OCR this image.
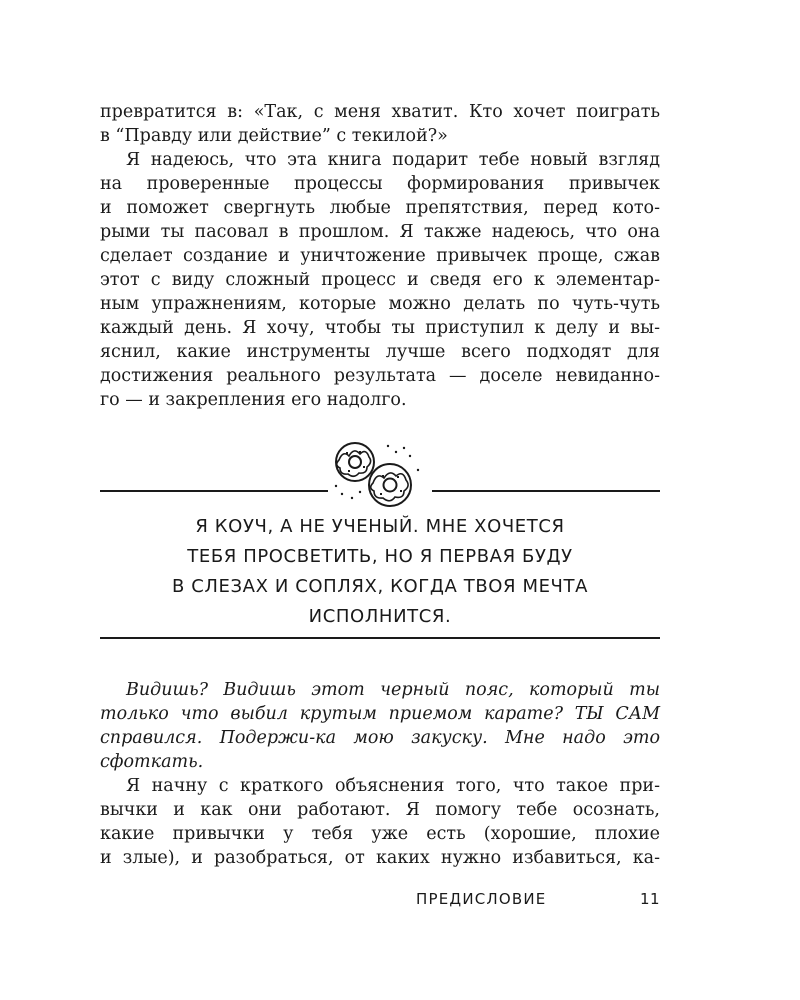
превратится в: «Так, с меня хватит. Кто хочет поиграть
в “Правду или действие” с текилой?»
Я надеюсь, что эта книга подарит тебе новый взгляд
на проверенные процессы формирования привычек
и поможет свергнуть любые препятствия, перед кото-
рыми ты пасовал в прошлом. Я также надеюсь, что она
сделает создание и уничтожение привычек проще, сжав
этот с виду сложный процесс и сведя его к элементар-
ным упражнениям, которые можно делать по чуть-чуть
каждый день. Я хочу, чтобы ты приступил к делу и вы-
яснил, какие инструменты лучше всего подходят для
достижения реального результата — доселе невиданно-
го — и закрепления его надолго.
Я КОУЧ, А НЕ УЧЕНЫЙ. МНЕ ХОЧЕТСЯ
ТЕБЯ ПРОСВЕТИТЬ, НО Я ПЕРВАЯ БУДУ
В СЛЕЗАХ И СОПЛЯХ, КОГДА ТВОЯ МЕЧТА
ИСПОЛНИТСЯ.
Видишь? Видишь этот черный пояс, который ты
только что выбил крутым приемом карате? ТЫ САМ
справился. Подержи-ка мою закуску. Мне надо это
сфоткать.
Я начну с краткого объяснения того, что такое при-
вычки и как они работают. Я помогу тебе осознать,
какие привычки у тебя уже есть (хорошие, плохие
и злые), и разобраться, от каких нужно избавиться, ка-
ПРЕДИСЛОВИЕ	11
